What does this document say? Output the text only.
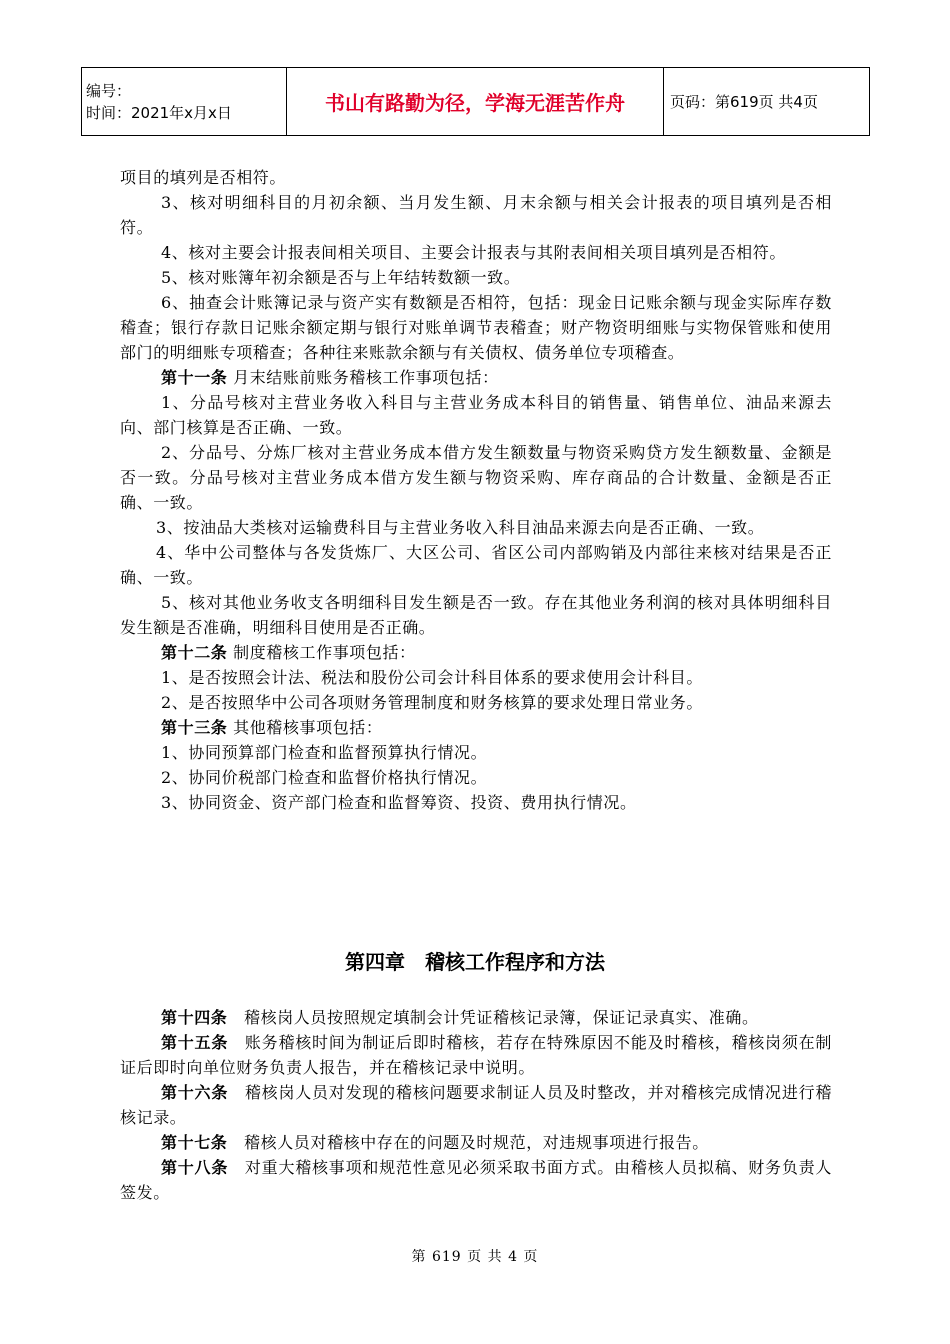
编号：
时间：2021年x月x日	书山有路勤为径，学海无涯苦作舟	页码：第619页 共4页

项目的填列是否相符。

3、核对明细科目的月初余额、当月发生额、月末余额与相关会计报表的项目填列是否相符。

4、核对主要会计报表间相关项目、主要会计报表与其附表间相关项目填列是否相符。

5、核对账簿年初余额是否与上年结转数额一致。

6、抽查会计账簿记录与资产实有数额是否相符，包括：现金日记账余额与现金实际库存数稽查；银行存款日记账余额定期与银行对账单调节表稽查；财产物资明细账与实物保管账和使用部门的明细账专项稽查；各种往来账款余额与有关债权、债务单位专项稽查。

第十一条 月末结账前账务稽核工作事项包括：

1、分品号核对主营业务收入科目与主营业务成本科目的销售量、销售单位、油品来源去向、部门核算是否正确、一致。

2、分品号、分炼厂核对主营业务成本借方发生额数量与物资采购贷方发生额数量、金额是否一致。分品号核对主营业务成本借方发生额与物资采购、库存商品的合计数量、金额是否正确、一致。

3、按油品大类核对运输费科目与主营业务收入科目油品来源去向是否正确、一致。

4、华中公司整体与各发货炼厂、大区公司、省区公司内部购销及内部往来核对结果是否正确、一致。

5、核对其他业务收支各明细科目发生额是否一致。存在其他业务利润的核对具体明细科目发生额是否准确，明细科目使用是否正确。

第十二条 制度稽核工作事项包括：

1、是否按照会计法、税法和股份公司会计科目体系的要求使用会计科目。

2、是否按照华中公司各项财务管理制度和财务核算的要求处理日常业务。

第十三条 其他稽核事项包括：

1、协同预算部门检查和监督预算执行情况。

2、协同价税部门检查和监督价格执行情况。

3、协同资金、资产部门检查和监督筹资、投资、费用执行情况。

第四章　稽核工作程序和方法

第十四条　稽核岗人员按照规定填制会计凭证稽核记录簿，保证记录真实、准确。

第十五条　账务稽核时间为制证后即时稽核，若存在特殊原因不能及时稽核，稽核岗须在制证后即时向单位财务负责人报告，并在稽核记录中说明。

第十六条　稽核岗人员对发现的稽核问题要求制证人员及时整改，并对稽核完成情况进行稽核记录。

第十七条　稽核人员对稽核中存在的问题及时规范，对违规事项进行报告。

第十八条　对重大稽核事项和规范性意见必须采取书面方式。由稽核人员拟稿、财务负责人签发。

第 619 页 共 4 页
